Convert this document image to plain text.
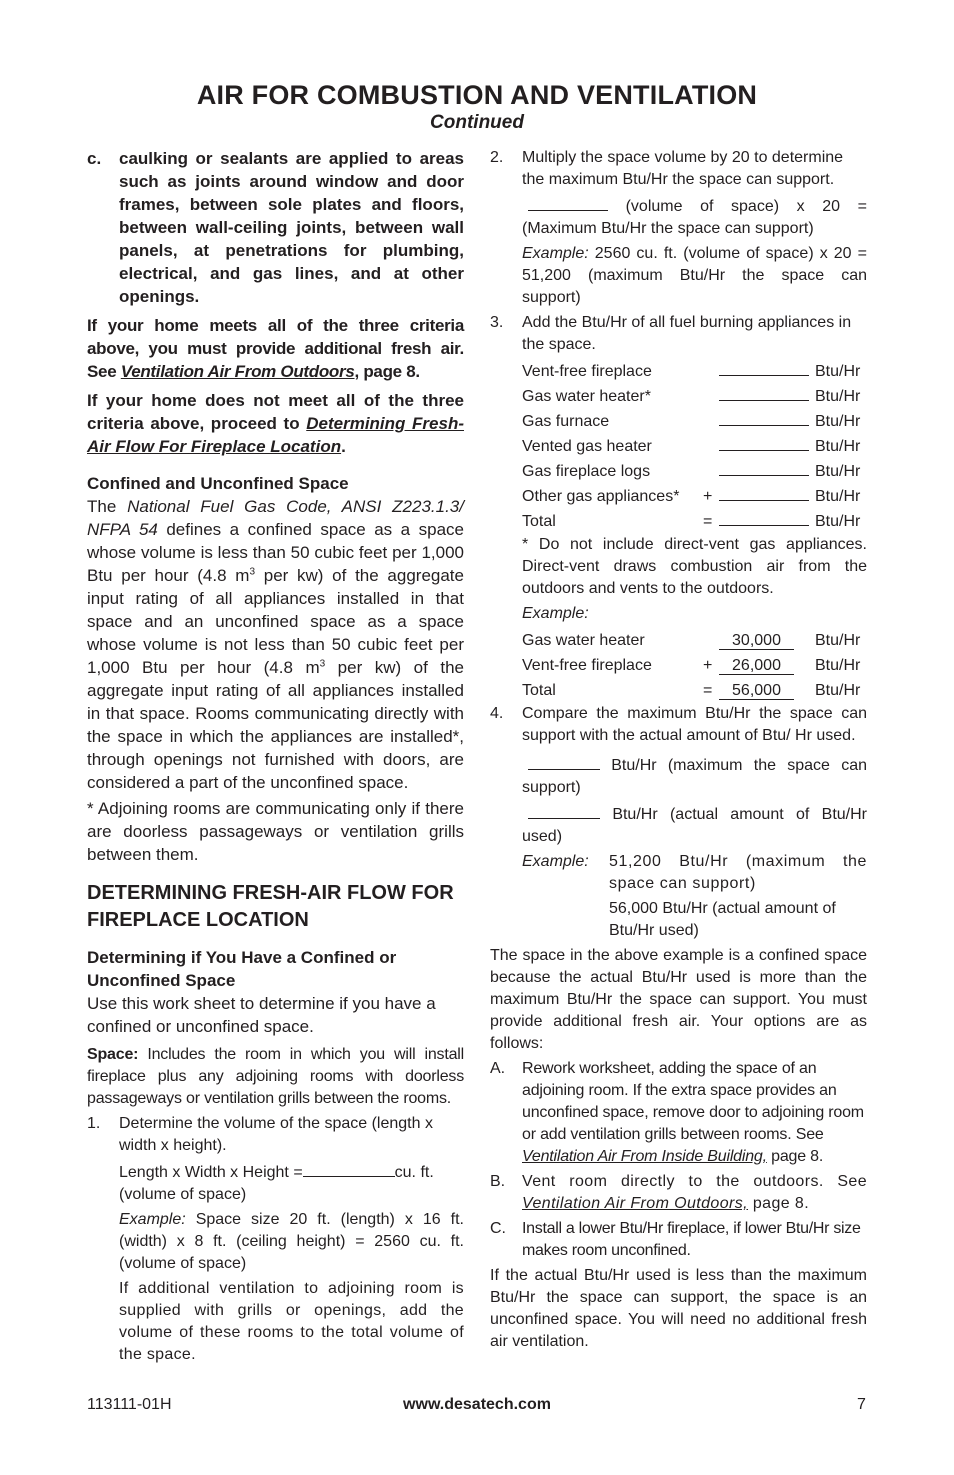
AIR FOR COMBUSTION AND VENTILATION
Continued
c.	caulking or sealants are applied to areas such as joints around window and door frames, between sole plates and floors, between wall-ceiling joints, between wall panels, at penetrations for plumbing, electrical, and gas lines, and at other openings.

If your home meets all of the three criteria above, you must provide additional fresh air. See Ventilation Air From Outdoors, page 8.

If your home does not meet all of the three criteria above, proceed to Determining Fresh-Air Flow For Fireplace Location.

Confined and Unconfined Space

The National Fuel Gas Code, ANSI Z223.1.3/ NFPA 54 defines a confined space as a space whose volume is less than 50 cubic feet per 1,000 Btu per hour (4.8 $m^3$ per kw) of the aggregate input rating of all appliances installed in that space and an unconfined space as a space whose volume is not less than 50 cubic feet per 1,000 Btu per hour (4.8 $m^3$ per kw) of the aggregate input rating of all appliances installed in that space. Rooms communicating directly with the space in which the appliances are installed*, through openings not furnished with doors, are considered a part of the unconfined space.

* Adjoining rooms are communicating only if there are doorless passageways or ventilation grills between them.

DETERMINING FRESH-AIR FLOW FOR FIREPLACE LOCATION

Determining if You Have a Confined or Unconfined Space

Use this work sheet to determine if you have a confined or unconfined space.

Space: Includes the room in which you will install fireplace plus any adjoining rooms with doorless passageways or ventilation grills between the rooms.

1.	Determine the volume of the space (length x width x height).

Length x Width x Height =	cu. ft. (volume of space)

Example: Space size 20 ft. (length) x 16 ft. (width) x 8 ft. (ceiling height) = 2560 cu. ft. (volume of space)

If additional ventilation to adjoining room is supplied with grills or openings, add the volume of these rooms to the total volume of the space.

2.	Multiply the space volume by 20 to determine the maximum Btu/Hr the space can support.

(volume of space) x 20 = (Maximum Btu/Hr the space can support)

Example: 2560 cu. ft. (volume of space) x 20 = 51,200 (maximum Btu/Hr the space can support)

3.	Add the Btu/Hr of all fuel burning appliances in the space.
Vent-free fireplace			Btu/Hr
Gas water heater*			Btu/Hr
Gas furnace			Btu/Hr
Vented gas heater			Btu/Hr
Gas fireplace logs			Btu/Hr
Other gas appliances*	+		Btu/Hr
Total	=		Btu/Hr

* Do not include direct-vent gas appliances. Direct-vent draws combustion air from the outdoors and vents to the outdoors.

Example:

Gas water heater		30,000	Btu/Hr
Vent-free fireplace	+	26,000	Btu/Hr
Total	=	56,000	Btu/Hr
4.	Compare the maximum Btu/Hr the space can support with the actual amount of Btu/ Hr used.

Btu/Hr (maximum the space can support)

Btu/Hr (actual amount of Btu/Hr used)

Example:	51,200 Btu/Hr (maximum the space can support)

56,000 Btu/Hr (actual amount of Btu/Hr used)

The space in the above example is a confined space because the actual Btu/Hr used is more than the maximum Btu/Hr the space can support. You must provide additional fresh air. Your options are as follows:

A.	Rework worksheet, adding the space of an adjoining room. If the extra space provides an unconfined space, remove door to adjoining room or add ventilation grills between rooms. See Ventilation Air From Inside Building, page 8.
B.	Vent room directly to the outdoors. See Ventilation Air From Outdoors, page 8.
C.	Install a lower Btu/Hr fireplace, if lower Btu/Hr size makes room unconfined.

If the actual Btu/Hr used is less than the maximum Btu/Hr the space can support, the space is an unconfined space. You will need no additional fresh air ventilation.

113111-01H	www.desatech.com	7
